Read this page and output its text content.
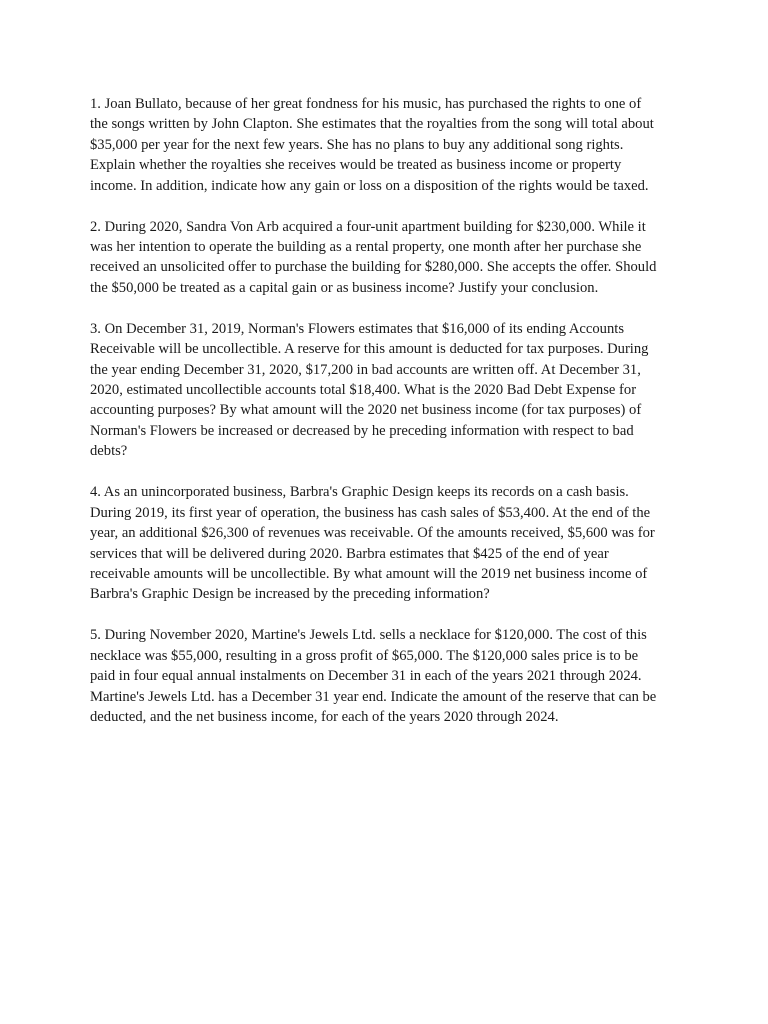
1. Joan Bullato, because of her great fondness for his music, has purchased the rights to one of
the songs written by John Clapton. She estimates that the royalties from the song will total about
$35,000 per year for the next few years. She has no plans to buy any additional song rights.
Explain whether the royalties she receives would be treated as business income or property
income. In addition, indicate how any gain or loss on a disposition of the rights would be taxed.

2. During 2020, Sandra Von Arb acquired a four-unit apartment building for $230,000. While it
was her intention to operate the building as a rental property, one month after her purchase she
received an unsolicited offer to purchase the building for $280,000. She accepts the offer. Should
the $50,000 be treated as a capital gain or as business income? Justify your conclusion.

3. On December 31, 2019, Norman's Flowers estimates that $16,000 of its ending Accounts
Receivable will be uncollectible. A reserve for this amount is deducted for tax purposes. During
the year ending December 31, 2020, $17,200 in bad accounts are written off. At December 31,
2020, estimated uncollectible accounts total $18,400. What is the 2020 Bad Debt Expense for
accounting purposes? By what amount will the 2020 net business income (for tax purposes) of
Norman's Flowers be increased or decreased by he preceding information with respect to bad
debts?

4. As an unincorporated business, Barbra's Graphic Design keeps its records on a cash basis.
During 2019, its first year of operation, the business has cash sales of $53,400. At the end of the
year, an additional $26,300 of revenues was receivable. Of the amounts received, $5,600 was for
services that will be delivered during 2020. Barbra estimates that $425 of the end of year
receivable amounts will be uncollectible. By what amount will the 2019 net business income of
Barbra's Graphic Design be increased by the preceding information?

5. During November 2020, Martine's Jewels Ltd. sells a necklace for $120,000. The cost of this
necklace was $55,000, resulting in a gross profit of $65,000. The $120,000 sales price is to be
paid in four equal annual instalments on December 31 in each of the years 2021 through 2024.
Martine's Jewels Ltd. has a December 31 year end. Indicate the amount of the reserve that can be
deducted, and the net business income, for each of the years 2020 through 2024.
